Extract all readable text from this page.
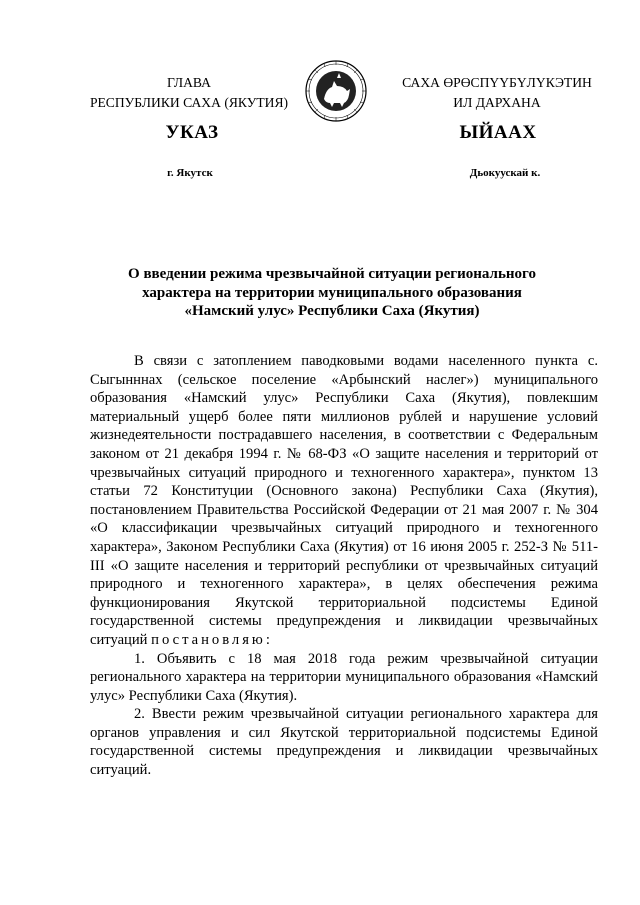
ГЛАВА
РЕСПУБЛИКИ САХА (ЯКУТИЯ)
САХА ӨРӨСПҮҮБҮЛҮКЭТИН
ИЛ ДАРХАНА
УКАЗ	ЫЙААХ
г. Якутск	Дьокуускай к.
О введении режима чрезвычайной ситуации регионального
характера на территории муниципального образования
«Намский улус» Республики Саха (Якутия)

В связи с затоплением паводковыми водами населенного пункта с. Сыгынннах (сельское поселение «Арбынский наслег») муниципального образования «Намский улус» Республики Саха (Якутия), повлекшим материальный ущерб более пяти миллионов рублей и нарушение условий жизнедеятельности пострадавшего населения, в соответствии с Федеральным законом от 21 декабря 1994 г. № 68-ФЗ «О защите населения и территорий от чрезвычайных ситуаций природного и техногенного характера», пунктом 13 статьи 72 Конституции (Основного закона) Республики Саха (Якутия), постановлением Правительства Российской Федерации от 21 мая 2007 г. № 304 «О классификации чрезвычайных ситуаций природного и техногенного характера», Законом Республики Саха (Якутия) от 16 июня 2005 г. 252-З № 511-III «О защите населения и территорий республики от чрезвычайных ситуаций природного и техногенного характера», в целях обеспечения режима функционирования Якутской территориальной подсистемы Единой государственной системы предупреждения и ликвидации чрезвычайных ситуаций постановляю:

1. Объявить с 18 мая 2018 года режим чрезвычайной ситуации регионального характера на территории муниципального образования «Намский улус» Республики Саха (Якутия).

2. Ввести режим чрезвычайной ситуации регионального характера для органов управления и сил Якутской территориальной подсистемы Единой государственной системы предупреждения и ликвидации чрезвычайных ситуаций.
